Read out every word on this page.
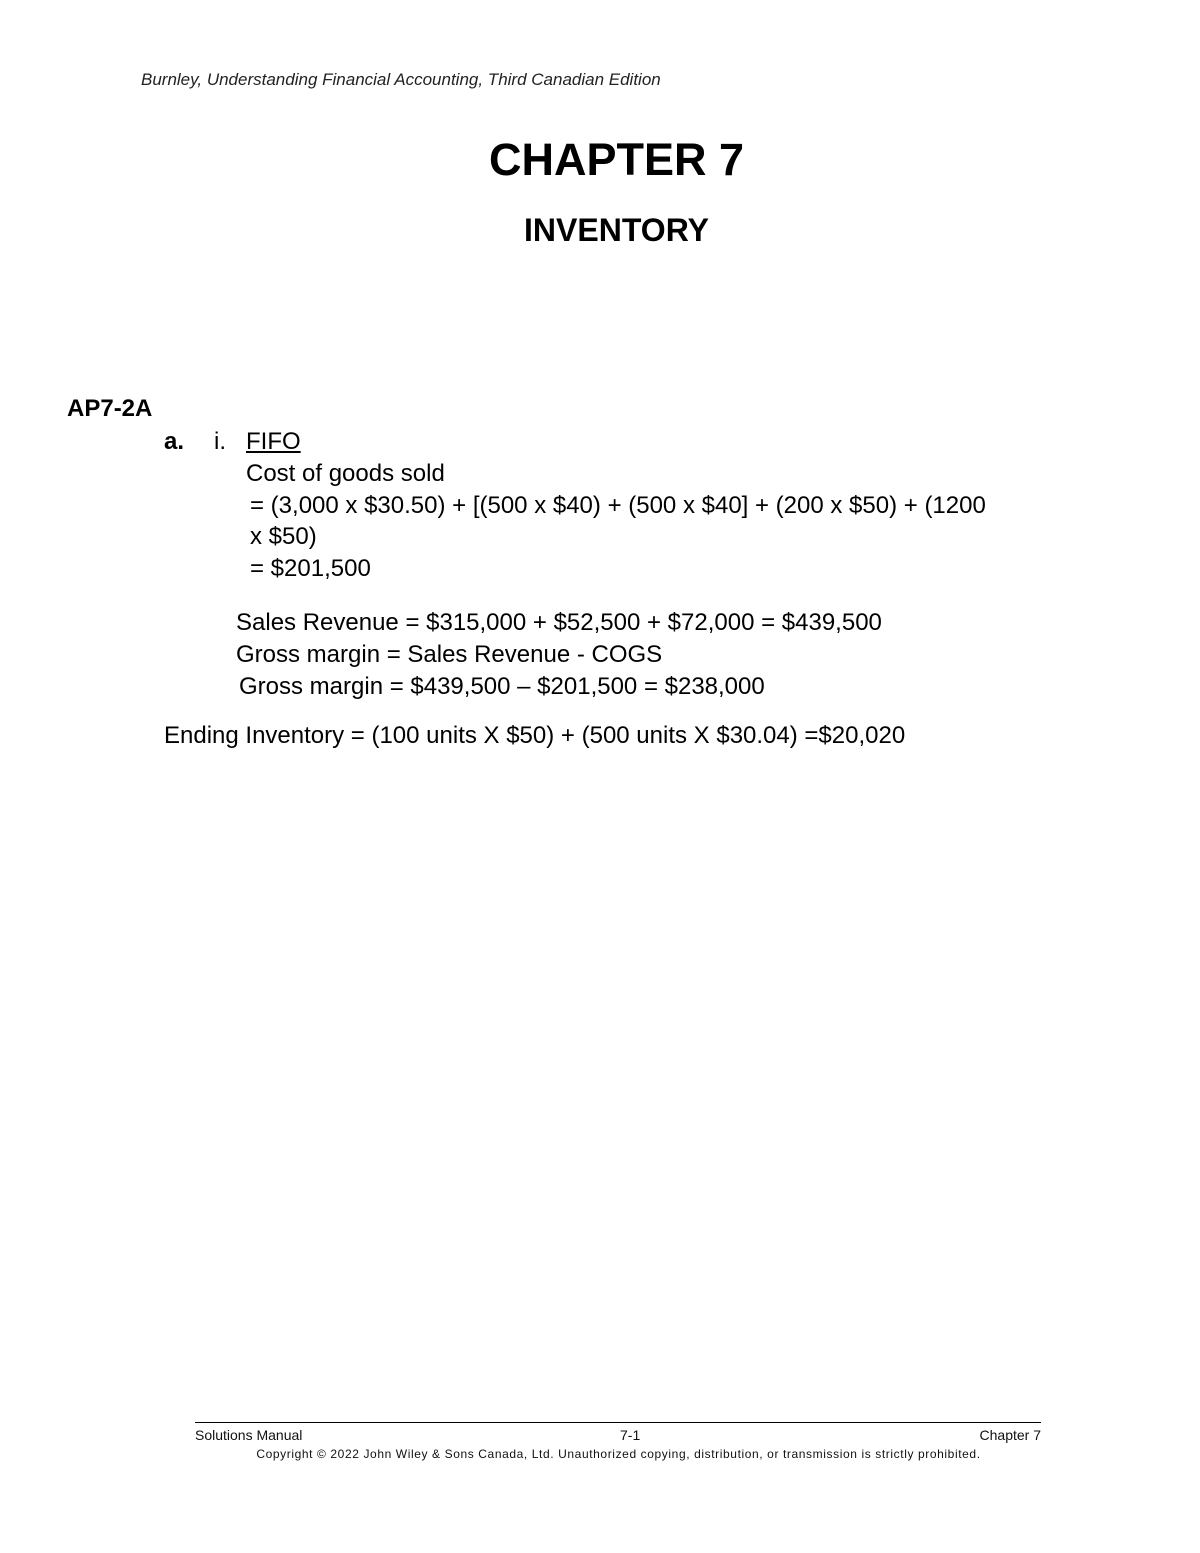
Burnley, Understanding Financial Accounting, Third Canadian Edition
CHAPTER 7
INVENTORY
AP7-2A
a. i. FIFO
Cost of goods sold
= (3,000 x $30.50) + [(500 x $40) + (500 x $40] + (200 x $50) + (1200
x $50)
= $201,500
Sales Revenue = $315,000 + $52,500 + $72,000 = $439,500
Gross margin = Sales Revenue - COGS
Gross margin = $439,500 – $201,500 = $238,000
Ending Inventory = (100 units X $50) + (500 units X $30.04) =$20,020
Solutions Manual	7-1	Chapter 7
Copyright © 2022 John Wiley & Sons Canada, Ltd. Unauthorized copying, distribution, or transmission is strictly prohibited.
